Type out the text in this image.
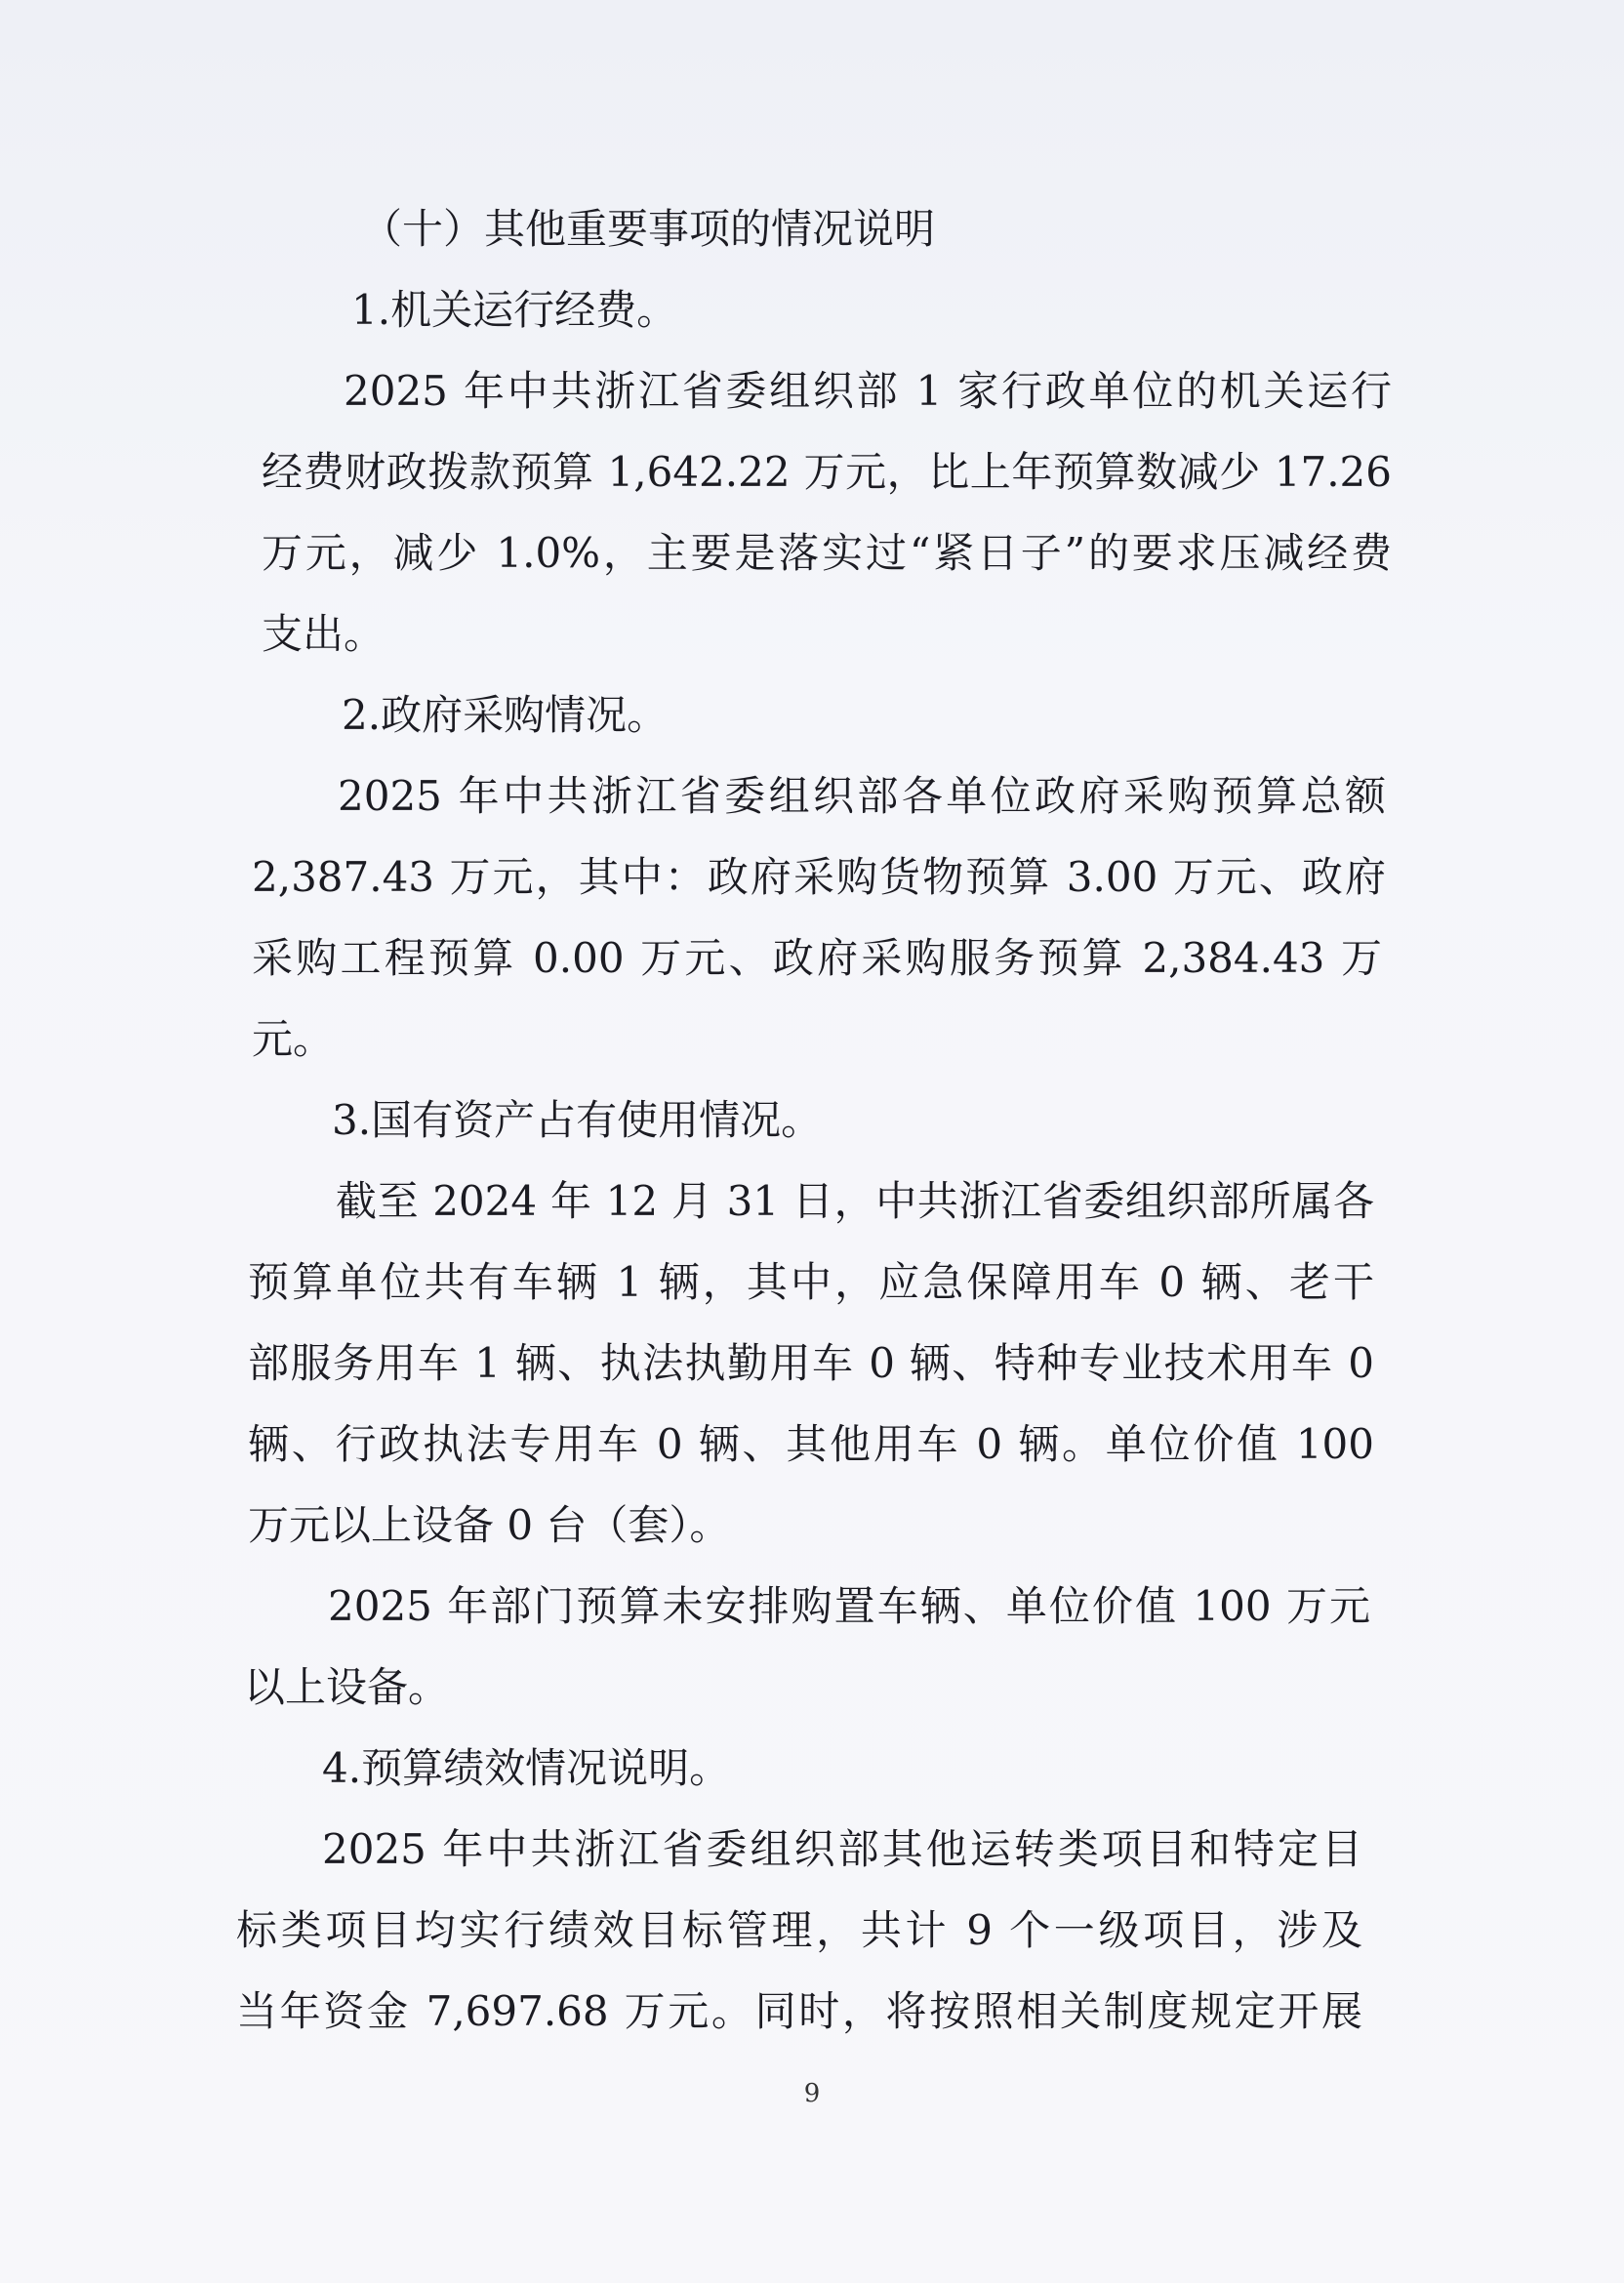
（十）其他重要事项的情况说明
1.机关运行经费。
2025 年中共浙江省委组织部 1 家行政单位的机关运行
经费财政拨款预算 1,642.22 万元，比上年预算数减少 17.26
万元，减少 1.0%，主要是落实过“紧日子”的要求压减经费
支出。
2.政府采购情况。
2025 年中共浙江省委组织部各单位政府采购预算总额
2,387.43 万元，其中：政府采购货物预算 3.00 万元、政府
采购工程预算 0.00 万元、政府采购服务预算 2,384.43 万
元。
3.国有资产占有使用情况。
截至 2024 年 12 月 31 日，中共浙江省委组织部所属各
预算单位共有车辆 1 辆，其中，应急保障用车 0 辆、老干
部服务用车 1 辆、执法执勤用车 0 辆、特种专业技术用车 0
辆、行政执法专用车 0 辆、其他用车 0 辆。单位价值 100
万元以上设备 0 台（套）。
2025 年部门预算未安排购置车辆、单位价值 100 万元
以上设备。
4.预算绩效情况说明。
2025 年中共浙江省委组织部其他运转类项目和特定目
标类项目均实行绩效目标管理，共计 9 个一级项目，涉及
当年资金 7,697.68 万元。同时，将按照相关制度规定开展
9
